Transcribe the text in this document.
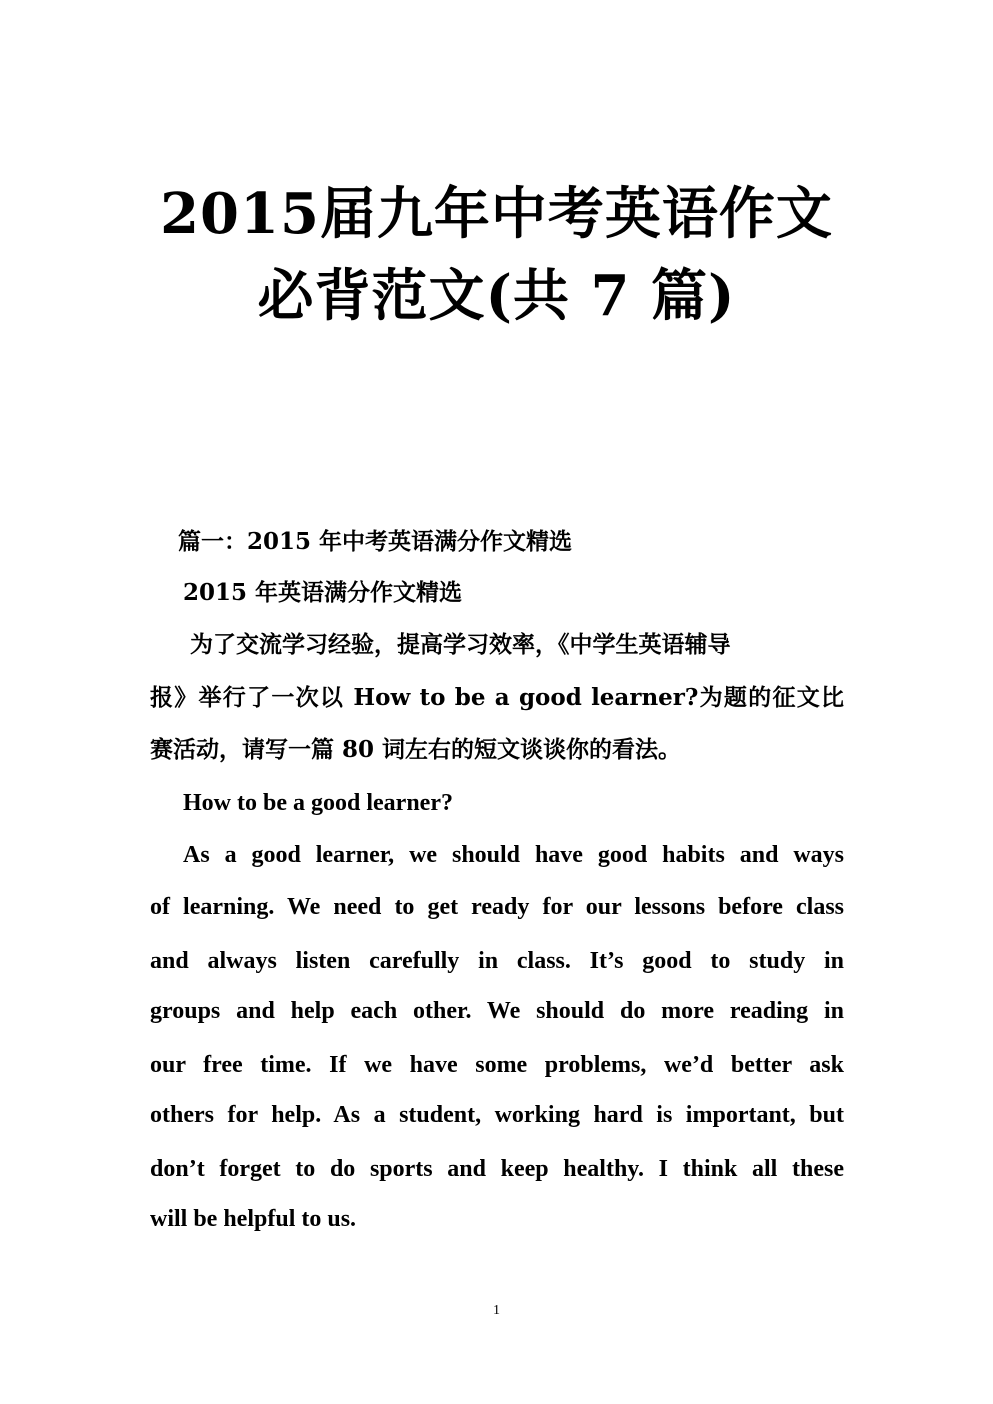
2015届九年中考英语作文
必背范文(共 7 篇)
篇一：2015 年中考英语满分作文精选
2015 年英语满分作文精选
为了交流学习经验，提高学习效率，《中学生英语辅导
报》举行了一次以 How to be a good learner?为题的征文比
赛活动，请写一篇 80 词左右的短文谈谈你的看法。
How to be a good learner?
As a good learner, we should have good habits and ways
of learning. We need to get ready for our lessons before class
and always listen carefully in class. It’s good to study in
groups and help each other. We should do more reading in
our free time. If we have some problems, we’d better ask
others for help. As a student, working hard is important, but
don’t forget to do sports and keep healthy. I think all these
will be helpful to us.
1
